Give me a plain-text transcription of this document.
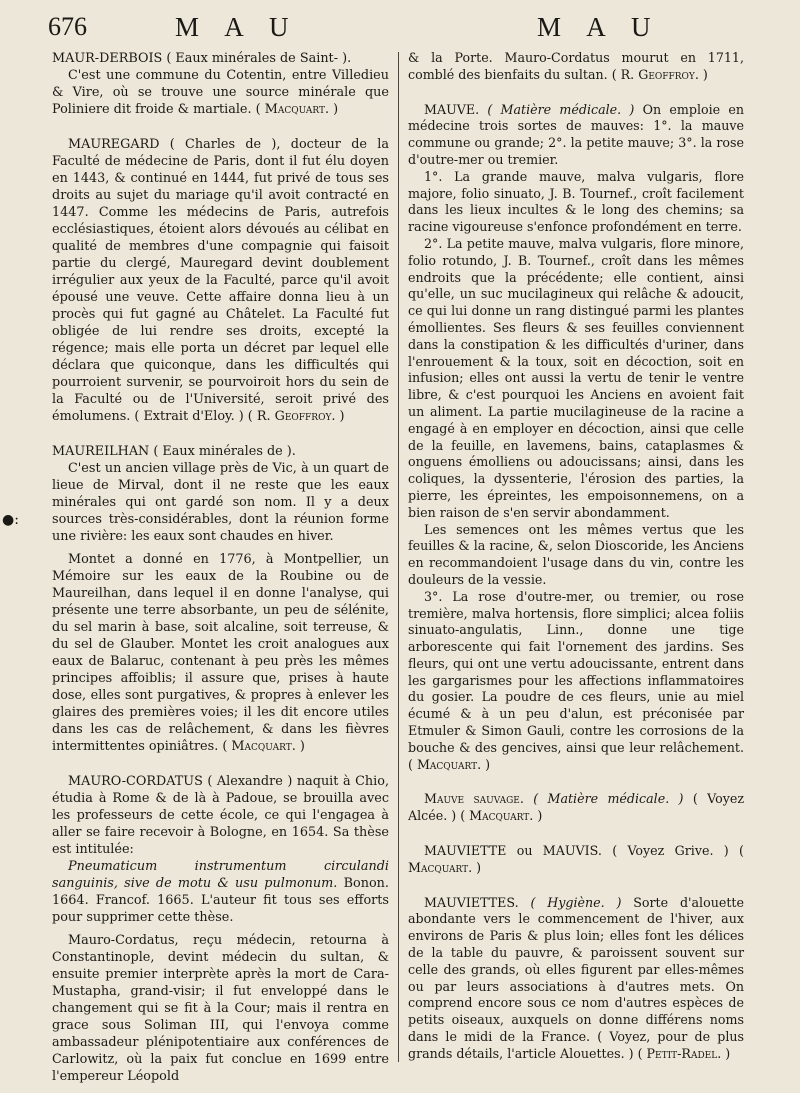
676	M A U	M A U
●:

MAUR-DERBOIS ( Eaux minérales de Saint- ).

C'est une commune du Cotentin, entre Villedieu & Vire, où se trouve une source minérale que Poliniere dit froide & martiale. ( Macquart. )

MAUREGARD ( Charles de ), docteur de la Faculté de médecine de Paris, dont il fut élu doyen en 1443, & continué en 1444, fut privé de tous ses droits au sujet du mariage qu'il avoit contracté en 1447. Comme les médecins de Paris, autrefois ecclésiastiques, étoient alors dévoués au célibat en qualité de membres d'une compagnie qui faisoit partie du clergé, Mauregard devint doublement irrégulier aux yeux de la Faculté, parce qu'il avoit épousé une veuve. Cette affaire donna lieu à un procès qui fut gagné au Châtelet. La Faculté fut obligée de lui rendre ses droits, excepté la régence; mais elle porta un décret par lequel elle déclara que quiconque, dans les difficultés qui pourroient survenir, se pourvoiroit hors du sein de la Faculté ou de l'Université, seroit privé des émolumens. ( Extrait d'Eloy. ) ( R. Geoffroy. )

MAUREILHAN ( Eaux minérales de ).

C'est un ancien village près de Vic, à un quart de lieue de Mirval, dont il ne reste que les eaux minérales qui ont gardé son nom. Il y a deux sources très-considérables, dont la réunion forme une rivière: les eaux sont chaudes en hiver.

Montet a donné en 1776, à Montpellier, un Mémoire sur les eaux de la Roubine ou de Maureilhan, dans lequel il en donne l'analyse, qui présente une terre absorbante, un peu de sélénite, du sel marin à base, soit alcaline, soit terreuse, & du sel de Glauber. Montet les croit analogues aux eaux de Balaruc, contenant à peu près les mêmes principes affoiblis; il assure que, prises à haute dose, elles sont purgatives, & propres à enlever les glaires des premières voies; il les dit encore utiles dans les cas de relâchement, & dans les fièvres intermittentes opiniâtres. ( Macquart. )

MAURO-CORDATUS ( Alexandre ) naquit à Chio, étudia à Rome & de là à Padoue, se brouilla avec les professeurs de cette école, ce qui l'engagea à aller se faire recevoir à Bologne, en 1654. Sa thèse est intitulée:

Pneumaticum instrumentum circulandi sanguinis, sive de motu & usu pulmonum. Bonon. 1664. Francof. 1665. L'auteur fit tous ses efforts pour supprimer cette thèse.

Mauro-Cordatus, reçu médecin, retourna à Constantinople, devint médecin du sultan, & ensuite premier interprète après la mort de Cara-Mustapha, grand-visir; il fut enveloppé dans le changement qui se fit à la Cour; mais il rentra en grace sous Soliman III, qui l'envoya comme ambassadeur plénipotentiaire aux conférences de Carlowitz, où la paix fut conclue en 1699 entre l'empereur Léopold

& la Porte. Mauro-Cordatus mourut en 1711, comblé des bienfaits du sultan. ( R. Geoffroy. )

MAUVE. ( Matière médicale. ) On emploie en médecine trois sortes de mauves: 1°. la mauve commune ou grande; 2°. la petite mauve; 3°. la rose d'outre-mer ou tremier.

1°. La grande mauve, malva vulgaris, flore majore, folio sinuato, J. B. Tournef., croît facilement dans les lieux incultes & le long des chemins; sa racine vigoureuse s'enfonce profondément en terre.

2°. La petite mauve, malva vulgaris, flore minore, folio rotundo, J. B. Tournef., croît dans les mêmes endroits que la précédente; elle contient, ainsi qu'elle, un suc mucilagineux qui relâche & adoucit, ce qui lui donne un rang distingué parmi les plantes émollientes. Ses fleurs & ses feuilles conviennent dans la constipation & les difficultés d'uriner, dans l'enrouement & la toux, soit en décoction, soit en infusion; elles ont aussi la vertu de tenir le ventre libre, & c'est pourquoi les Anciens en avoient fait un aliment. La partie mucilagineuse de la racine a engagé à en employer en décoction, ainsi que celle de la feuille, en lavemens, bains, cataplasmes & onguens émolliens ou adoucissans; ainsi, dans les coliques, la dyssenterie, l'érosion des parties, la pierre, les épreintes, les empoisonnemens, on a bien raison de s'en servir abondamment.

Les semences ont les mêmes vertus que les feuilles & la racine, &, selon Dioscoride, les Anciens en recommandoient l'usage dans du vin, contre les douleurs de la vessie.

3°. La rose d'outre-mer, ou tremier, ou rose tremière, malva hortensis, flore simplici; alcea foliis sinuato-angulatis, Linn., donne une tige arborescente qui fait l'ornement des jardins. Ses fleurs, qui ont une vertu adoucissante, entrent dans les gargarismes pour les affections inflammatoires du gosier. La poudre de ces fleurs, unie au miel écumé & à un peu d'alun, est préconisée par Etmuler & Simon Gauli, contre les corrosions de la bouche & des gencives, ainsi que leur relâchement. ( Macquart. )

Mauve sauvage. ( Matière médicale. ) ( Voyez Alcée. ) ( Macquart. )

MAUVIETTE ou MAUVIS. ( Voyez Grive. ) ( Macquart. )

MAUVIETTES. ( Hygiène. ) Sorte d'alouette abondante vers le commencement de l'hiver, aux environs de Paris & plus loin; elles font les délices de la table du pauvre, & paroissent souvent sur celle des grands, où elles figurent par elles-mêmes ou par leurs associations à d'autres mets. On comprend encore sous ce nom d'autres espèces de petits oiseaux, auxquels on donne différens noms dans le midi de la France. ( Voyez, pour de plus grands détails, l'article Alouettes. ) ( Petit-Radel. )
